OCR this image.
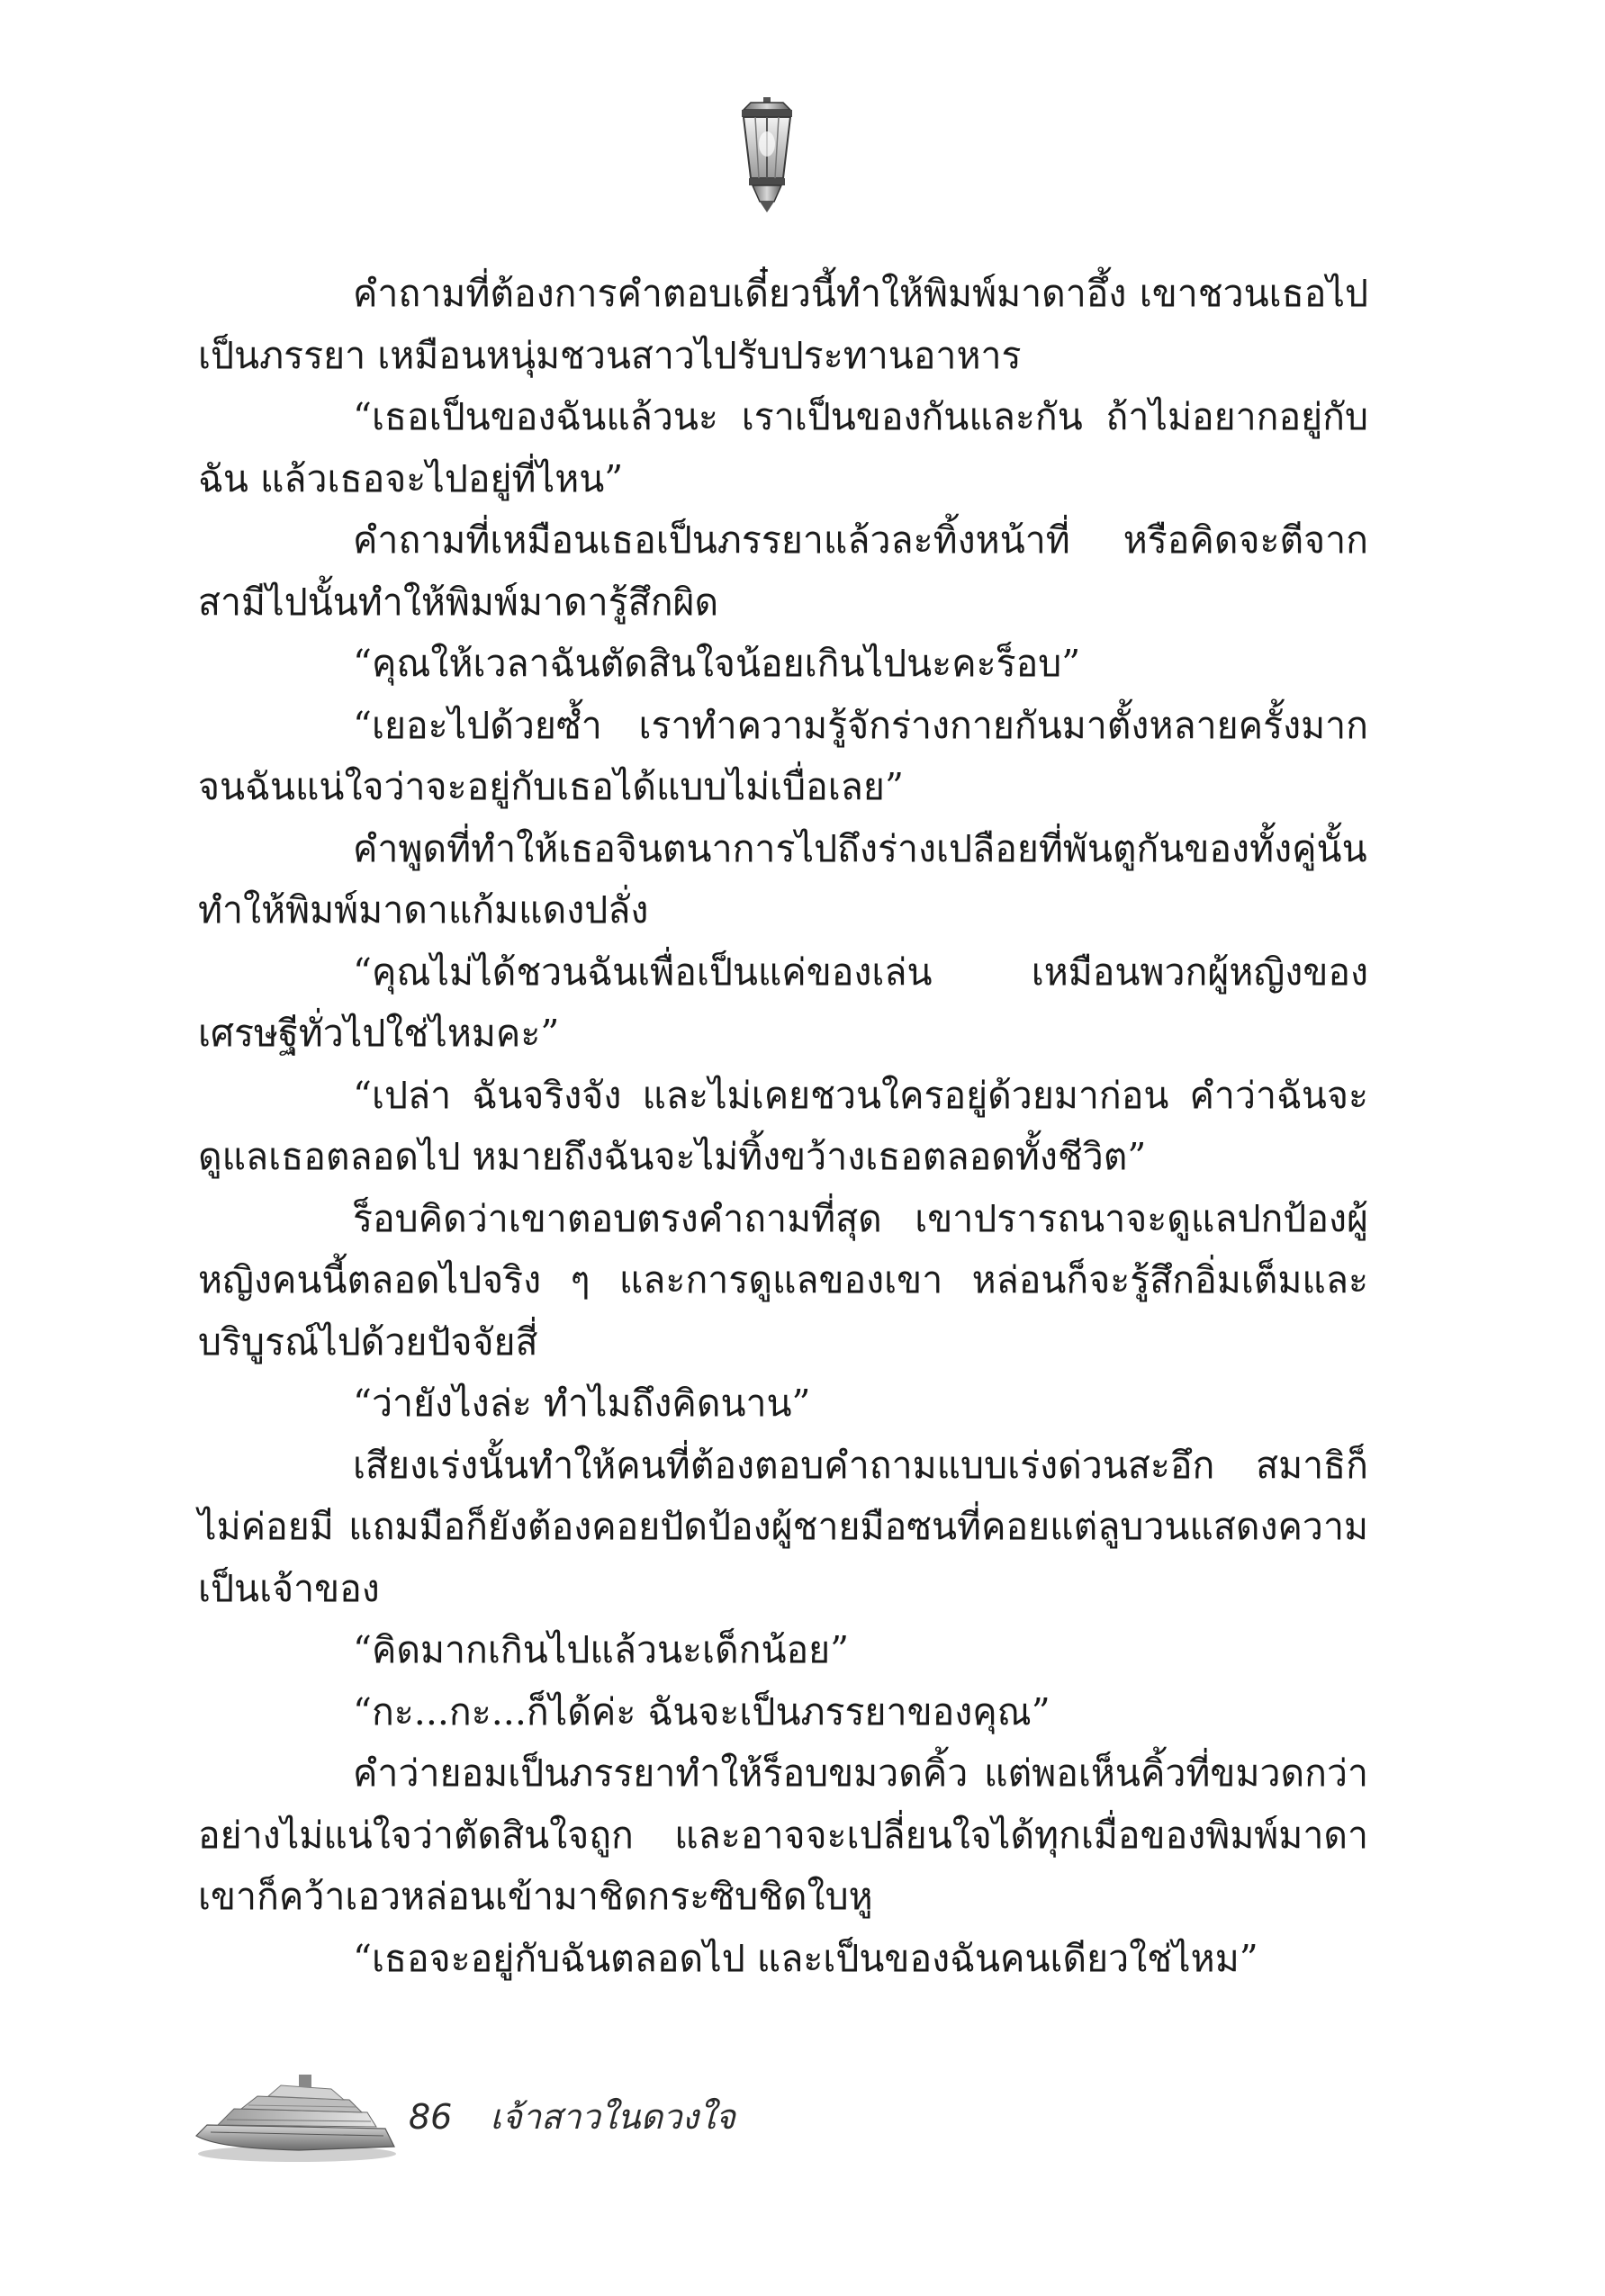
คำถามที่ต้องการคำตอบเดี๋ยวนี้ทำให้พิมพ์มาดาอึ้ง เขาชวนเธอไปเป็นภรรยา เหมือนหนุ่มชวนสาวไปรับประทานอาหาร

“เธอเป็นของฉันแล้วนะ เราเป็นของกันและกัน ถ้าไม่อยากอยู่กับฉัน แล้วเธอจะไปอยู่ที่ไหน”

คำถามที่เหมือนเธอเป็นภรรยาแล้วละทิ้งหน้าที่ หรือคิดจะตีจากสามีไปนั้นทำให้พิมพ์มาดารู้สึกผิด

“คุณให้เวลาฉันตัดสินใจน้อยเกินไปนะคะร็อบ”

“เยอะไปด้วยซ้ำ เราทำความรู้จักร่างกายกันมาตั้งหลายครั้งมากจนฉันแน่ใจว่าจะอยู่กับเธอได้แบบไม่เบื่อเลย”

คำพูดที่ทำให้เธอจินตนาการไปถึงร่างเปลือยที่พันตูกันของทั้งคู่นั้นทำให้พิมพ์มาดาแก้มแดงปลั่ง

“คุณไม่ได้ชวนฉันเพื่อเป็นแค่ของเล่น เหมือนพวกผู้หญิงของเศรษฐีทั่วไปใช่ไหมคะ”

“เปล่า ฉันจริงจัง และไม่เคยชวนใครอยู่ด้วยมาก่อน คำว่าฉันจะดูแลเธอตลอดไป หมายถึงฉันจะไม่ทิ้งขว้างเธอตลอดทั้งชีวิต”

ร็อบคิดว่าเขาตอบตรงคำถามที่สุด เขาปรารถนาจะดูแลปกป้องผู้หญิงคนนี้ตลอดไปจริง ๆ และการดูแลของเขา หล่อนก็จะรู้สึกอิ่มเต็มและบริบูรณ์ไปด้วยปัจจัยสี่

“ว่ายังไงล่ะ ทำไมถึงคิดนาน”

เสียงเร่งนั้นทำให้คนที่ต้องตอบคำถามแบบเร่งด่วนสะอึก สมาธิก็ไม่ค่อยมี แถมมือก็ยังต้องคอยปัดป้องผู้ชายมือซนที่คอยแต่ลูบวนแสดงความเป็นเจ้าของ

“คิดมากเกินไปแล้วนะเด็กน้อย”

“กะ...กะ...ก็ได้ค่ะ ฉันจะเป็นภรรยาของคุณ”

คำว่ายอมเป็นภรรยาทำให้ร็อบขมวดคิ้ว แต่พอเห็นคิ้วที่ขมวดกว่าอย่างไม่แน่ใจว่าตัดสินใจถูก และอาจจะเปลี่ยนใจได้ทุกเมื่อของพิมพ์มาดา เขาก็คว้าเอวหล่อนเข้ามาชิดกระซิบชิดใบหู

“เธอจะอยู่กับฉันตลอดไป และเป็นของฉันคนเดียวใช่ไหม”

86 เจ้าสาวในดวงใจ
